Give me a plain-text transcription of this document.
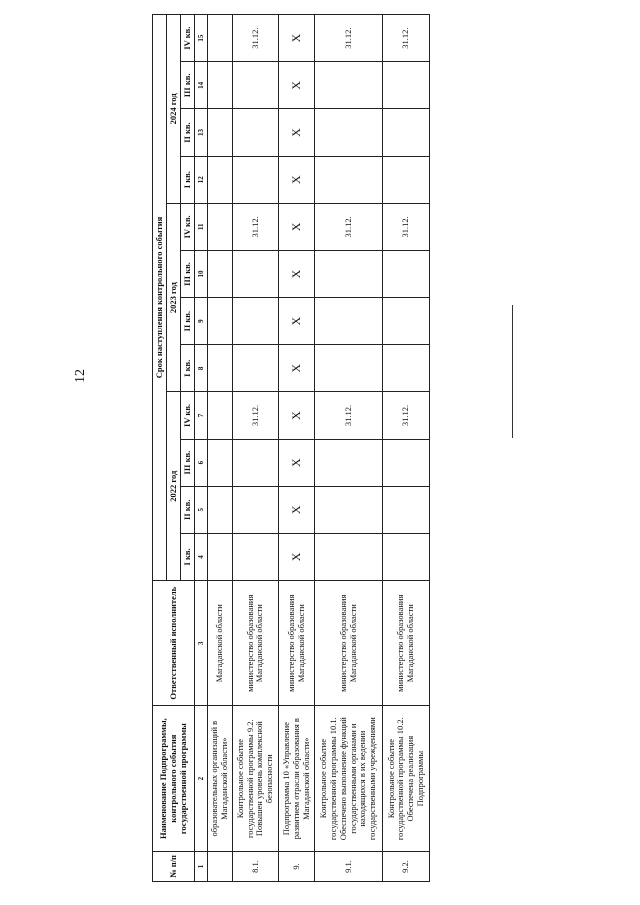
12
№ п/п	Наименование Подпрограммы, контрольного события государственной программы	Ответственный исполнитель	Срок наступления контрольного события											
			2022 год				2023 год				2024 год			
			I кв.	II кв.	III кв.	IV кв.	I кв.	II кв.	III кв.	IV кв.	I кв.	II кв.	III кв.	IV кв.
1	2	3	4	5	6	7	8	9	10	11	12	13	14	15
	образовательных организаций в Магаданской области»	Магаданской области												
8.1.	Контрольное событие государственной программы 9.2. Повышен уровень комплексной безопасности	министерство образования Магаданской области				31.12.				31.12.				31.12.
9.	Подпрограмма 10 «Управление развитием отрасли образования в Магаданской области»	министерство образования Магаданской области	X	X	X	X	X	X	X	X	X	X	X	X
9.1.	Контрольное событие государственной программы 10.1. Обеспечено выполнение функций государственными органами и находящихся в их ведении государственными учреждениями	министерство образования Магаданской области				31.12.				31.12.				31.12.
9.2.	Контрольное событие государственной программы 10.2. Обеспечена реализация Подпрограммы	министерство образования Магаданской области				31.12.				31.12.				31.12.
